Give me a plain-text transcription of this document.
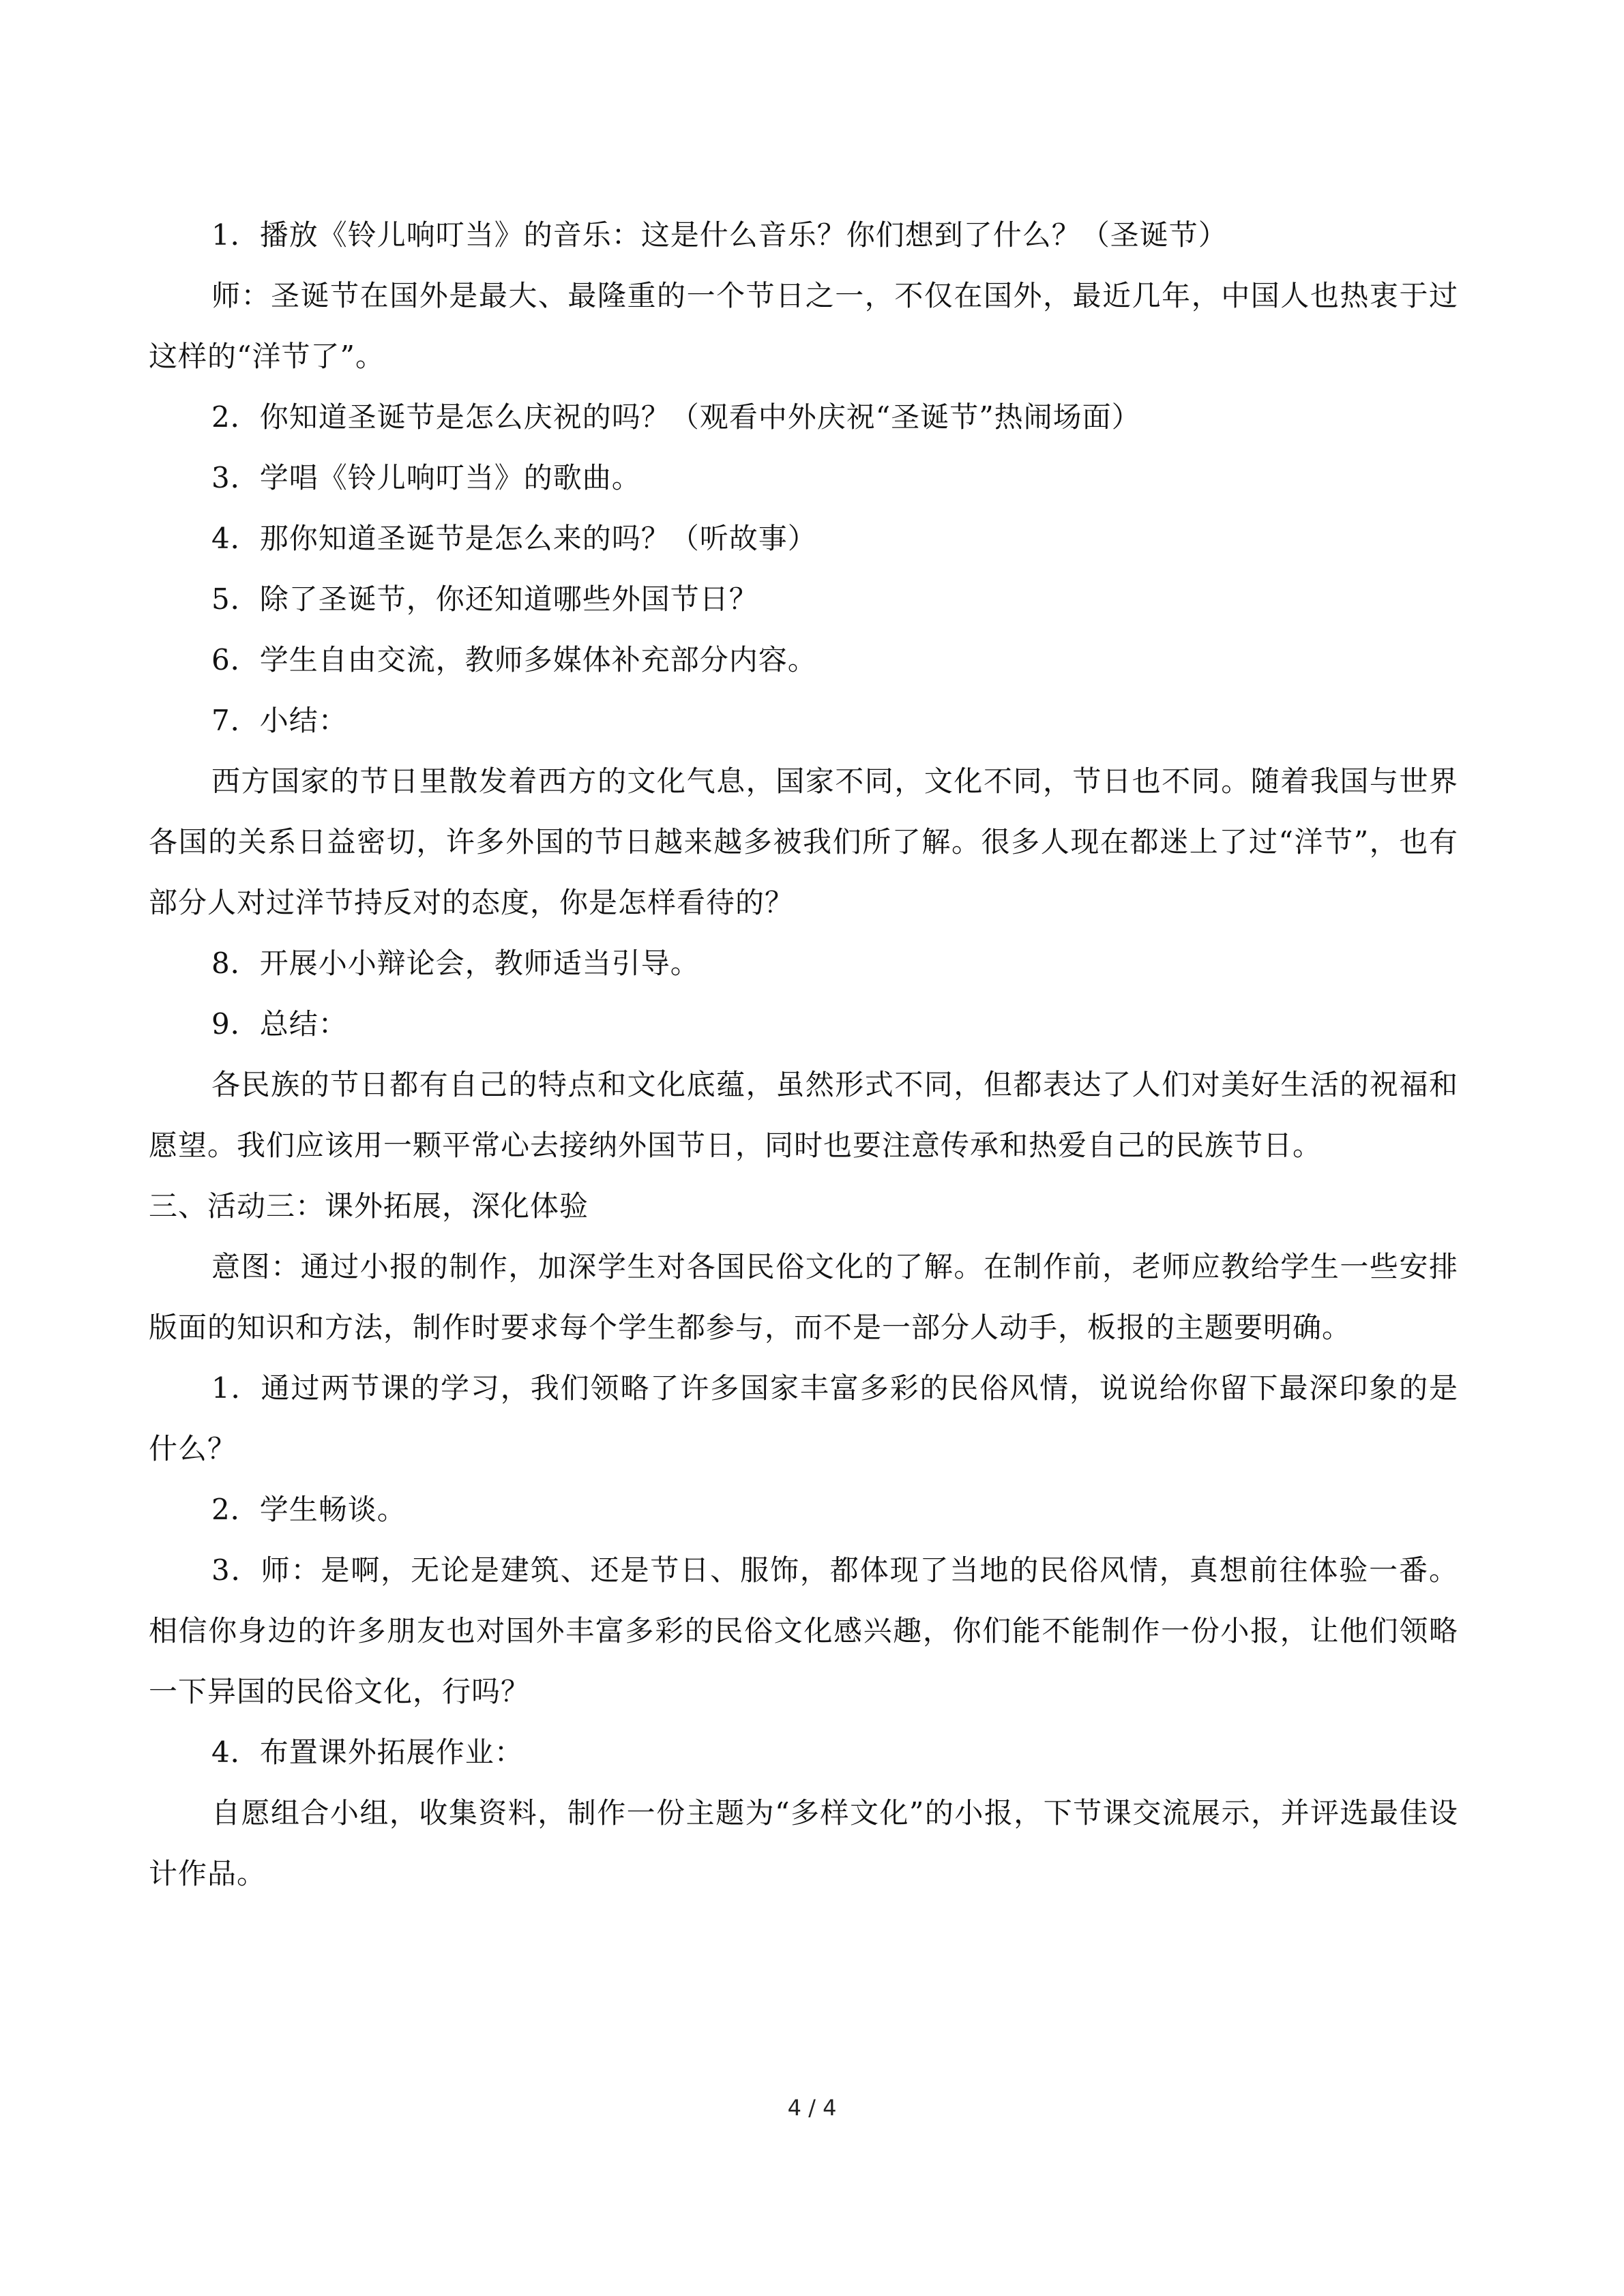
1．播放《铃儿响叮当》的音乐：这是什么音乐？你们想到了什么？（圣诞节）

师：圣诞节在国外是最大、最隆重的一个节日之一，不仅在国外，最近几年，中国人也热衷于过这样的“洋节了”。

2．你知道圣诞节是怎么庆祝的吗？（观看中外庆祝“圣诞节”热闹场面）

3．学唱《铃儿响叮当》的歌曲。

4．那你知道圣诞节是怎么来的吗？（听故事）

5．除了圣诞节，你还知道哪些外国节日？

6．学生自由交流，教师多媒体补充部分内容。

7．小结：

西方国家的节日里散发着西方的文化气息，国家不同，文化不同，节日也不同。随着我国与世界各国的关系日益密切，许多外国的节日越来越多被我们所了解。很多人现在都迷上了过“洋节”，也有部分人对过洋节持反对的态度，你是怎样看待的？

8．开展小小辩论会，教师适当引导。

9．总结：

各民族的节日都有自己的特点和文化底蕴，虽然形式不同，但都表达了人们对美好生活的祝福和愿望。我们应该用一颗平常心去接纳外国节日，同时也要注意传承和热爱自己的民族节日。

三、活动三：课外拓展，深化体验

意图：通过小报的制作，加深学生对各国民俗文化的了解。在制作前，老师应教给学生一些安排版面的知识和方法，制作时要求每个学生都参与，而不是一部分人动手，板报的主题要明确。

1．通过两节课的学习，我们领略了许多国家丰富多彩的民俗风情，说说给你留下最深印象的是什么？

2．学生畅谈。

3．师：是啊，无论是建筑、还是节日、服饰，都体现了当地的民俗风情，真想前往体验一番。相信你身边的许多朋友也对国外丰富多彩的民俗文化感兴趣，你们能不能制作一份小报，让他们领略一下异国的民俗文化，行吗？

4．布置课外拓展作业：

自愿组合小组，收集资料，制作一份主题为“多样文化”的小报，下节课交流展示，并评选最佳设计作品。

4 / 4
